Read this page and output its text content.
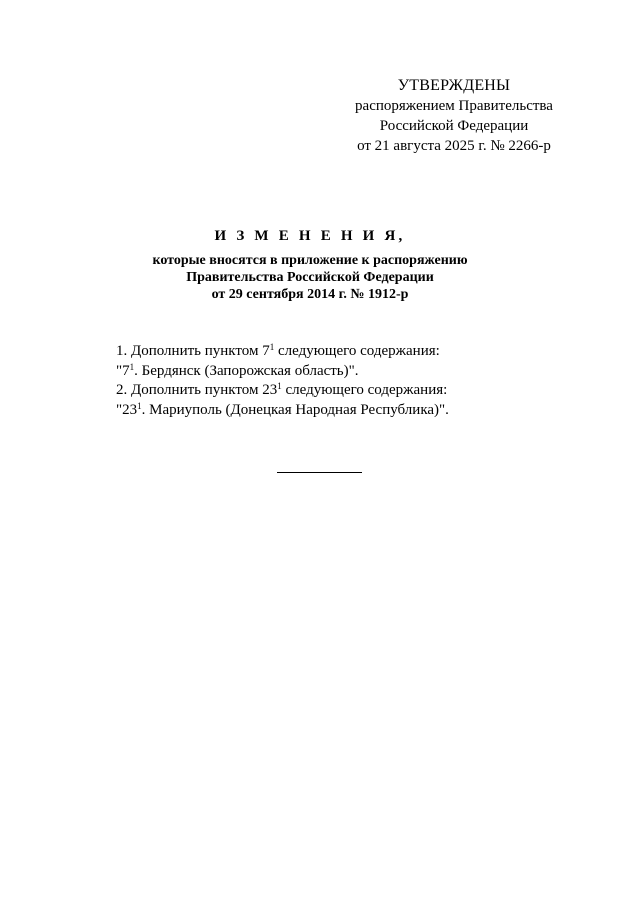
УТВЕРЖДЕНЫ
распоряжением Правительства
Российской Федерации
от 21 августа 2025 г. № 2266-р
И З М Е Н Е Н И Я,
которые вносятся в приложение к распоряжению
Правительства Российской Федерации
от 29 сентября 2014 г. № 1912-р

1. Дополнить пунктом $7^1$ следующего содержания:

"$7^1$. Бердянск (Запорожская область)".

2. Дополнить пунктом $23^1$ следующего содержания:

"$23^1$. Мариуполь (Донецкая Народная Республика)".
